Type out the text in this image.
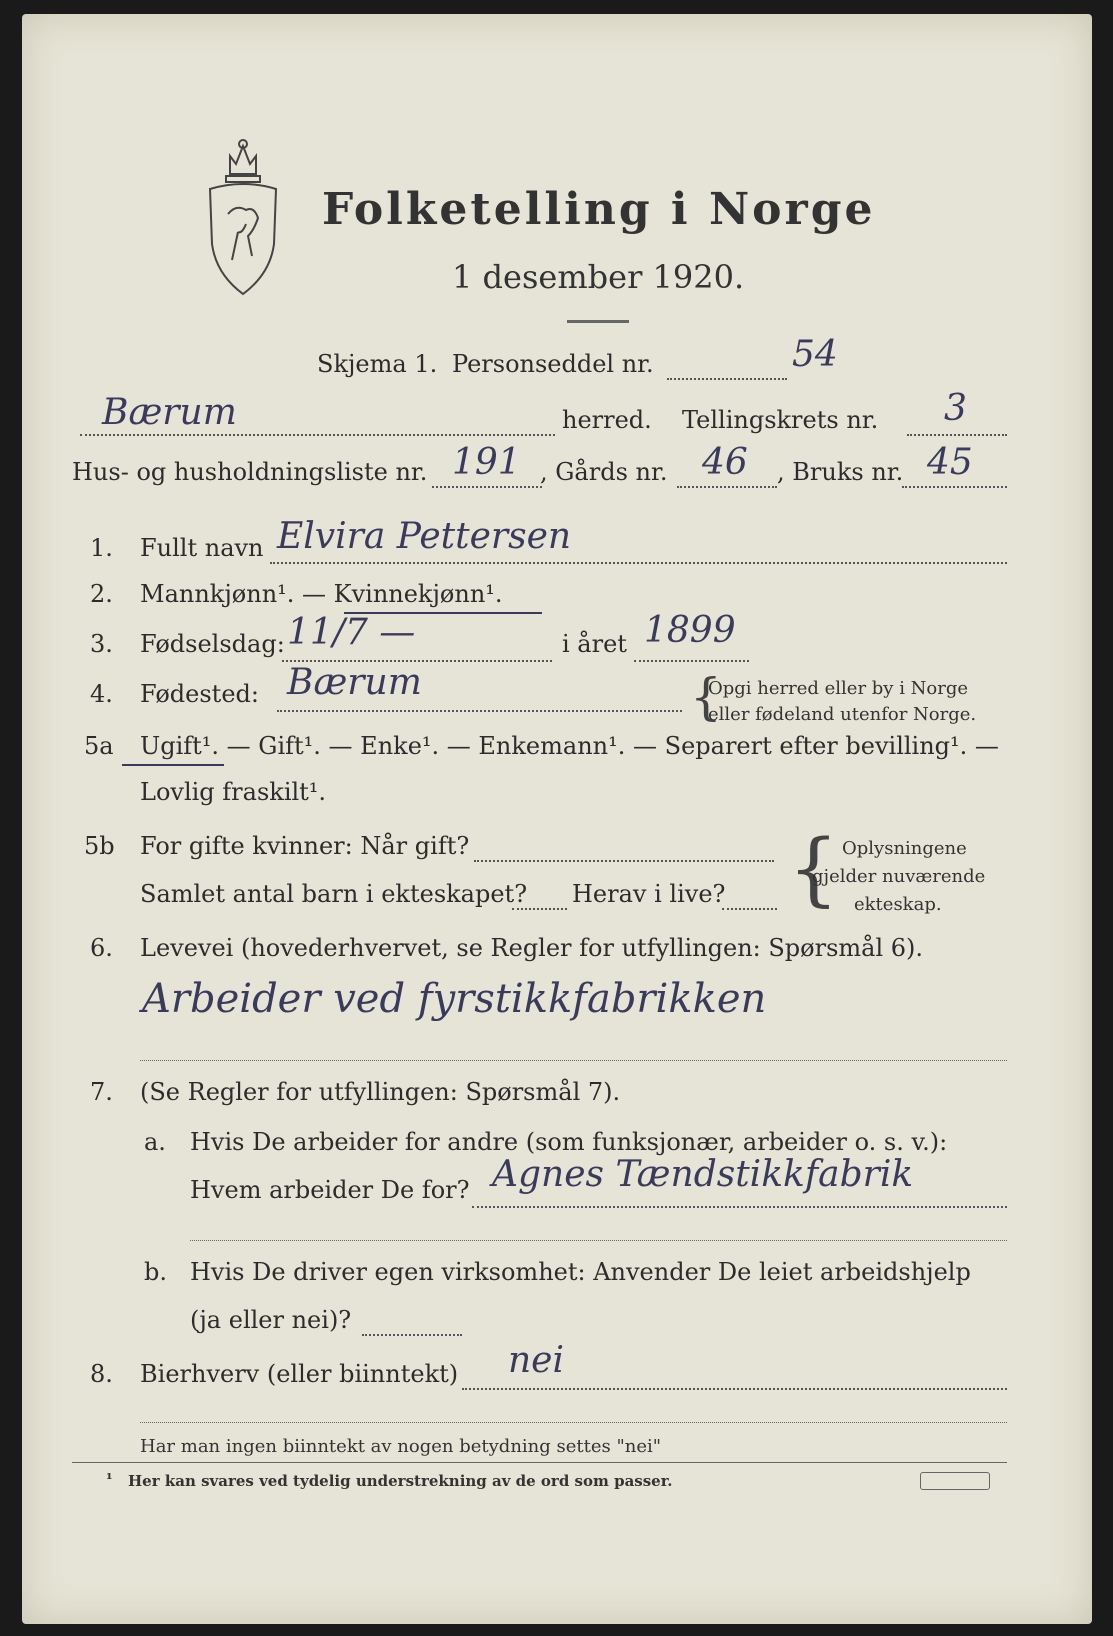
Folketelling i Norge
1 desember 1920.
Skjema 1. Personseddel nr.	54
Bærum	herred. Tellingskrets nr. 3
Hus- og husholdningsliste nr. 191 , Gårds nr. 46 , Bruks nr. 45
1. Fullt navn Elvira Pettersen
2. Mannkjønn¹. — Kvinnekjønn¹.
3. Fødselsdag: 11/7 —	i året 1899
4. Fødested: Bærum	{
Opgi herred eller by i Norge
eller fødeland utenfor Norge.
5a Ugift¹. — Gift¹. — Enke¹. — Enkemann¹. — Separert efter bevilling¹. —
Lovlig fraskilt¹.
5b For gifte kvinner: Når gift?
Samlet antal barn i ekteskapet? Herav i live? { Oplysningene
gjelder nuværende
ekteskap.
6. Levevei (hovederhvervet, se Regler for utfyllingen: Spørsmål 6).
Arbeider ved fyrstikkfabrikken
7. (Se Regler for utfyllingen: Spørsmål 7).
a. Hvis De arbeider for andre (som funksjonær, arbeider o. s. v.):
Hvem arbeider De for? Agnes Tændstikkfabrik
b. Hvis De driver egen virksomhet: Anvender De leiet arbeidshjelp
(ja eller nei)?
8. Bierhverv (eller biinntekt) nei
Har man ingen biinntekt av nogen betydning settes "nei"
¹ Her kan svares ved tydelig understrekning av de ord som passer.
